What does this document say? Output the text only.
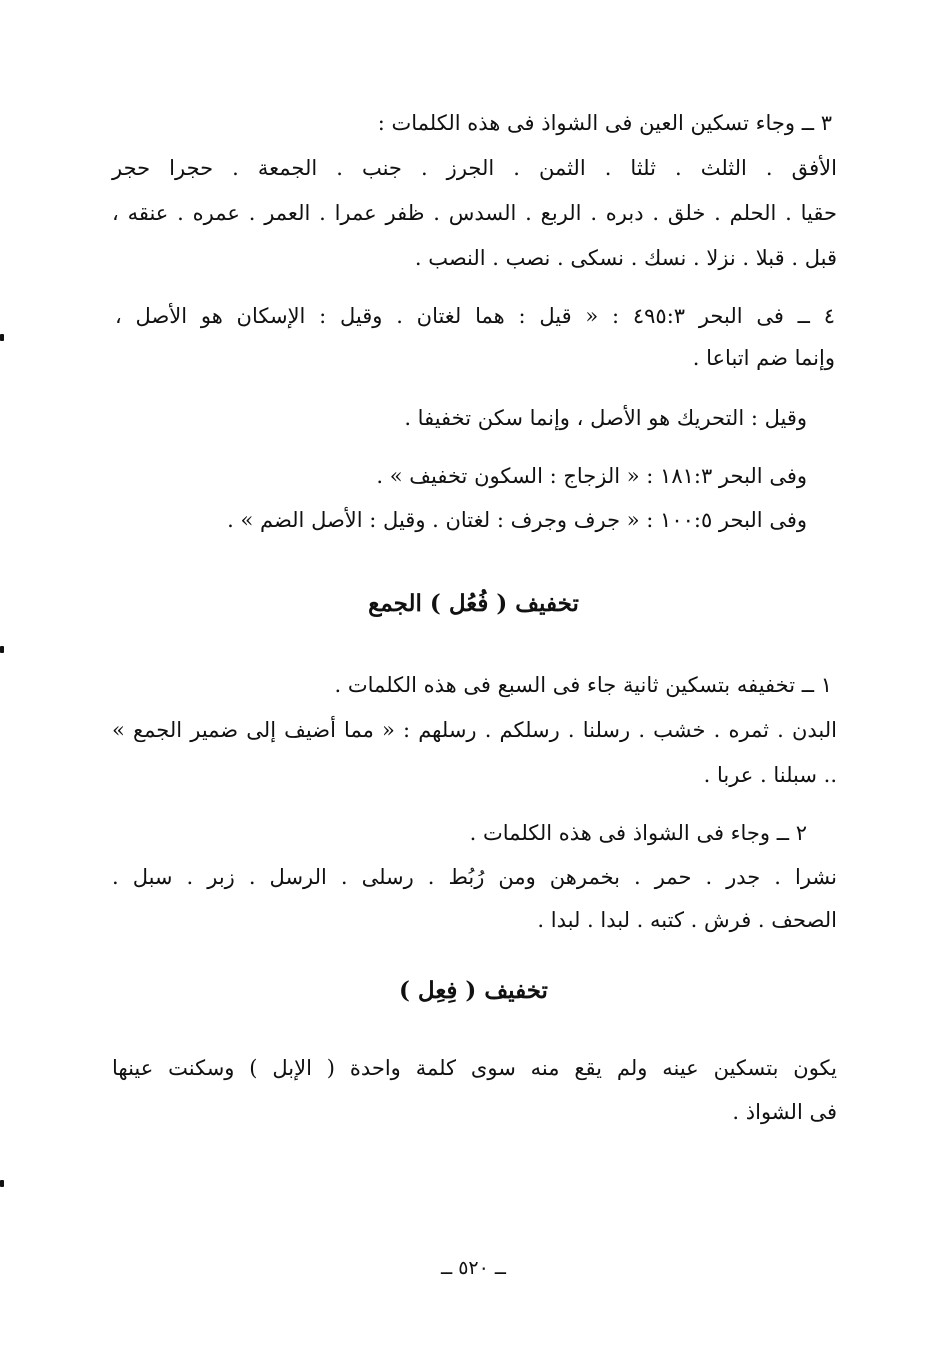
٣ ــ وجاء تسكين العين فى الشواذ فى هذه الكلمات :
الأفق . الثلث . ثلثا . الثمن . الجرز . جنب . الجمعة . حجرا حجر
حقيا . الحلم . خلق . دبره . الربع . السدس . ظفر عمرا . العمر . عمره . عنقه ،
قبل . قبلا . نزلا . نسك . نسكى . نصب . النصب .
٤ ــ فى البحر ٤٩٥:٣ : « قيل : هما لغتان . وقيل : الإسكان هو الأصل ،
وإنما ضم اتباعا .
وقيل : التحريك هو الأصل ، وإنما سكن تخفيفا .
وفى البحر ١٨١:٣ : « الزجاج : السكون تخفيف » .
وفى البحر ١٠٠:٥ : « جرف وجرف : لغتان . وقيل : الأصل الضم » .
تخفيف ( فُعُل ) الجمع
١ ــ تخفيفه بتسكين ثانية جاء فى السبع فى هذه الكلمات .
البدن . ثمره . خشب . رسلنا . رسلكم . رسلهم : « مما أضيف إلى ضمير الجمع »
.. سبلنا . عربا .
٢ ــ وجاء فى الشواذ فى هذه الكلمات .
نشرا . جدر . حمر . بخمرهن ومن رُبُط . رسلى . الرسل . زبر . سبل .
الصحف . فرش . كتبه . لبدا . لبدا .
تخفيف ( فِعِل )
يكون بتسكين عينه ولم يقع منه سوى كلمة واحدة ( الإبل ) وسكنت عينها
فى الشواذ .
ــ ٥٢٠ ــ
